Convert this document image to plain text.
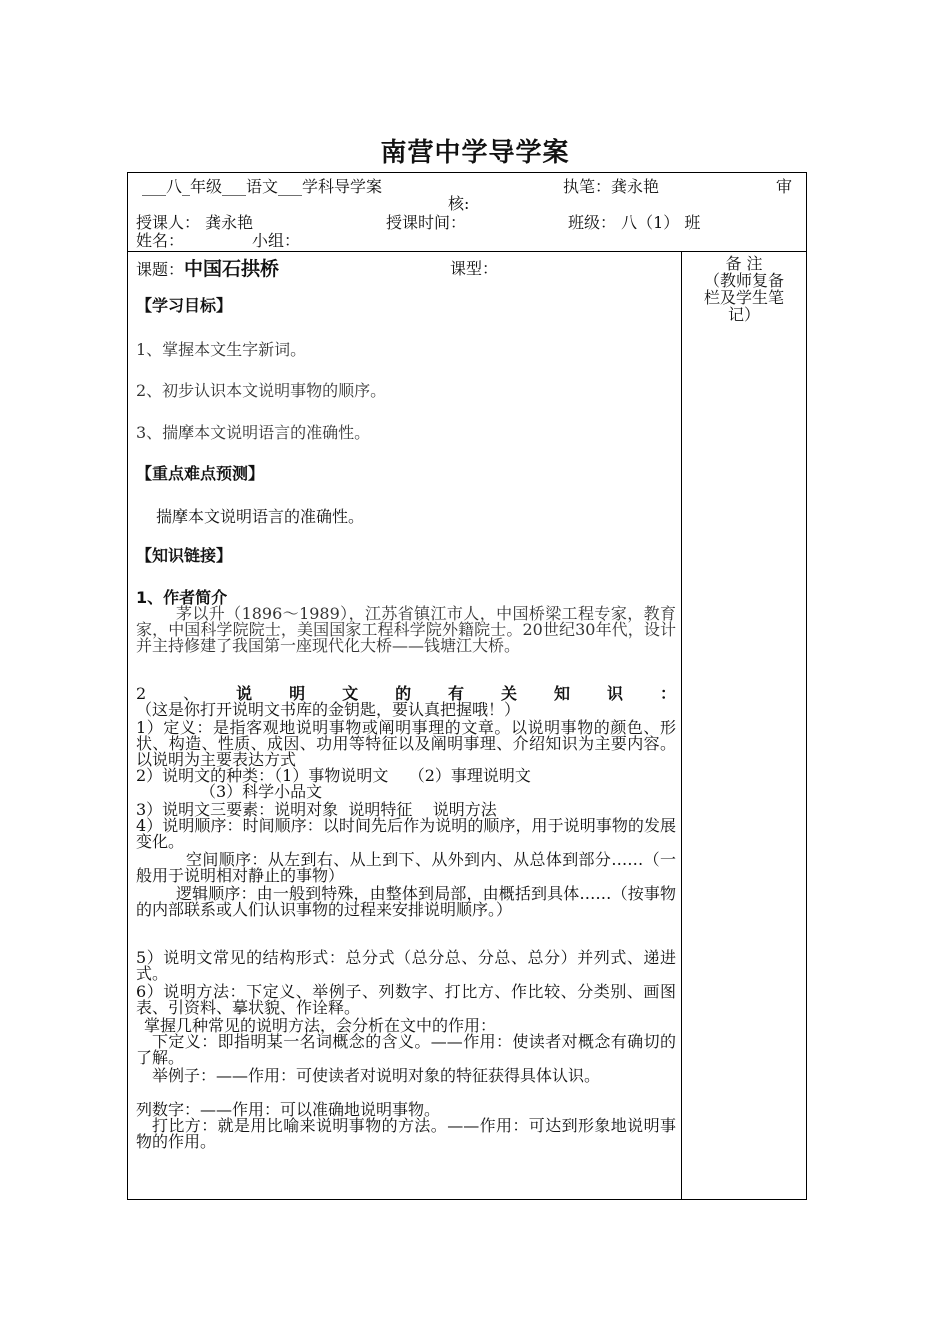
南营中学导学案
___八_年级___语文___学科导学案	执笔：龚永艳	审
核:
授课人： 龚永艳	授课时间：	班级： 八（1） 班
姓名：	小组：
课题：中国石拱桥	课型：
【学习目标】
1、掌握本文生字新词。
2、初步认识本文说明事物的顺序。
3、揣摩本文说明语言的准确性。
【重点难点预测】
揣摩本文说明语言的准确性。
【知识链接】
1、作者简介
茅以升（1896～1989），江苏省镇江市人，中国桥梁工程专家，教育家，中国科学院院士，美国国家工程科学院外籍院士。20世纪30年代，设计并主持修建了我国第一座现代化大桥——钱塘江大桥。
2、说明文的有关知识：（这是你打开说明文书库的金钥匙，要认真把握哦！）
1）定义：是指客观地说明事物或阐明事理的文章。以说明事物的颜色、形状、构造、性质、成因、功用等特征以及阐明事理、介绍知识为主要内容。以说明为主要表达方式
2）说明文的种类：（1）事物说明文    （2）事理说明文
（3）科学小品文
3）说明文三要素：说明对象  说明特征    说明方法
4）说明顺序：时间顺序：以时间先后作为说明的顺序，用于说明事物的发展变化。
空间顺序：从左到右、从上到下、从外到内、从总体到部分……（一般用于说明相对静止的事物）
逻辑顺序：由一般到特殊，由整体到局部，由概括到具体……（按事物的内部联系或人们认识事物的过程来安排说明顺序。）
5）说明文常见的结构形式：总分式（总分总、分总、总分）并列式、递进式。
6）说明方法：下定义、举例子、列数字、打比方、作比较、分类别、画图表、引资料、摹状貌、作诠释。
掌握几种常见的说明方法，会分析在文中的作用：
下定义：即指明某一名词概念的含义。——作用：使读者对概念有确切的了解。
举例子：——作用：可使读者对说明对象的特征获得具体认识。
列数字：——作用：可以准确地说明事物。
打比方：就是用比喻来说明事物的方法。——作用：可达到形象地说明事物的作用。
备 注
（教师复备
栏及学生笔
记）
